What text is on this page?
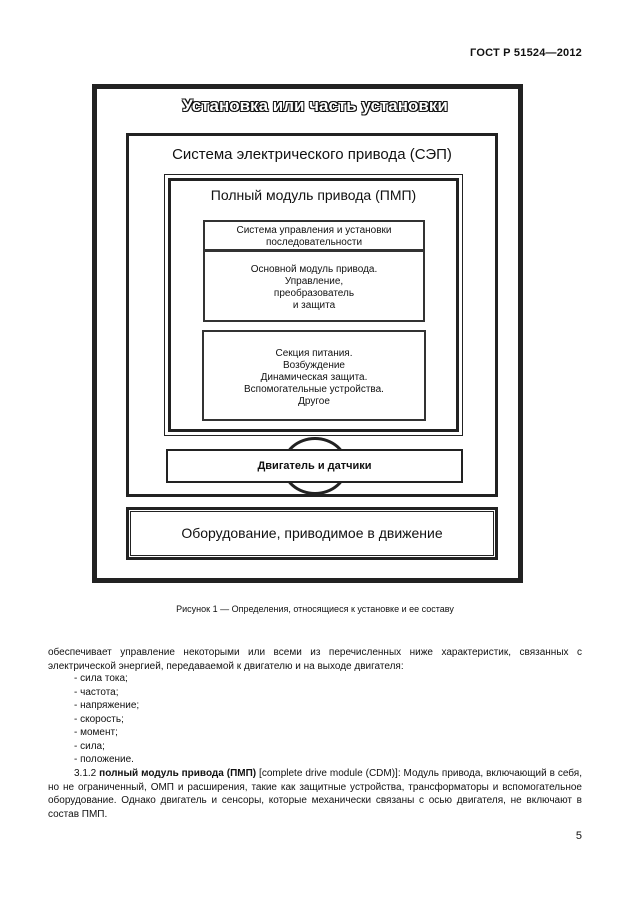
ГОСТ Р 51524—2012
Установка или часть установки
Система электрического привода (СЭП)
Полный модуль привода (ПМП)
Система управления и установки
последовательности
Основной модуль привода.
Управление,
преобразователь
и защита
Секция питания.
Возбуждение
Динамическая защита.
Вспомогательные устройства.
Другое
Двигатель и датчики
Оборудование, приводимое в движение
Рисунок 1 — Определения, относящиеся к установке и ее составу
обеспечивает управление некоторыми или всеми из перечисленных ниже характеристик, связанных с электрической энергией, передаваемой к двигателю и на выходе двигателя:
- сила тока;
- частота;
- напряжение;
- скорость;
- момент;
- сила;
- положение.
3.1.2 полный модуль привода (ПМП) [complete drive module (CDM)]: Модуль привода, включающий в себя, но не ограниченный, ОМП и расширения, такие как защитные устройства, трансформаторы и вспомогательное оборудование. Однако двигатель и сенсоры, которые механически связаны с осью двигателя, не включают в состав ПМП.
5
